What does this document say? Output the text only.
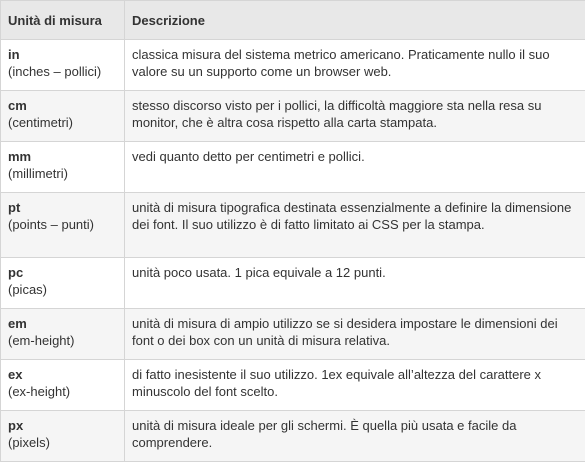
Unità di misura	Descrizione

in
(inches – pollici)	classica misura del sistema metrico americano. Praticamente nullo il suo valore su un supporto come un browser web.

cm
(centimetri)	stesso discorso visto per i pollici, la difficoltà maggiore sta nella resa su monitor, che è altra cosa rispetto alla carta stampata.

mm
(millimetri)	vedi quanto detto per centimetri e pollici.

pt
(points – punti)	unità di misura tipografica destinata essenzialmente a definire la dimensione dei font. Il suo utilizzo è di fatto limitato ai CSS per la stampa.

pc
(picas)	unità poco usata. 1 pica equivale a 12 punti.

em
(em-height)	unità di misura di ampio utilizzo se si desidera impostare le dimensioni dei font o dei box con un unità di misura relativa.

ex
(ex-height)	di fatto inesistente il suo utilizzo. 1ex equivale all’altezza del carattere x minuscolo del font scelto.

px
(pixels)	unità di misura ideale per gli schermi. È quella più usata e facile da comprendere.
